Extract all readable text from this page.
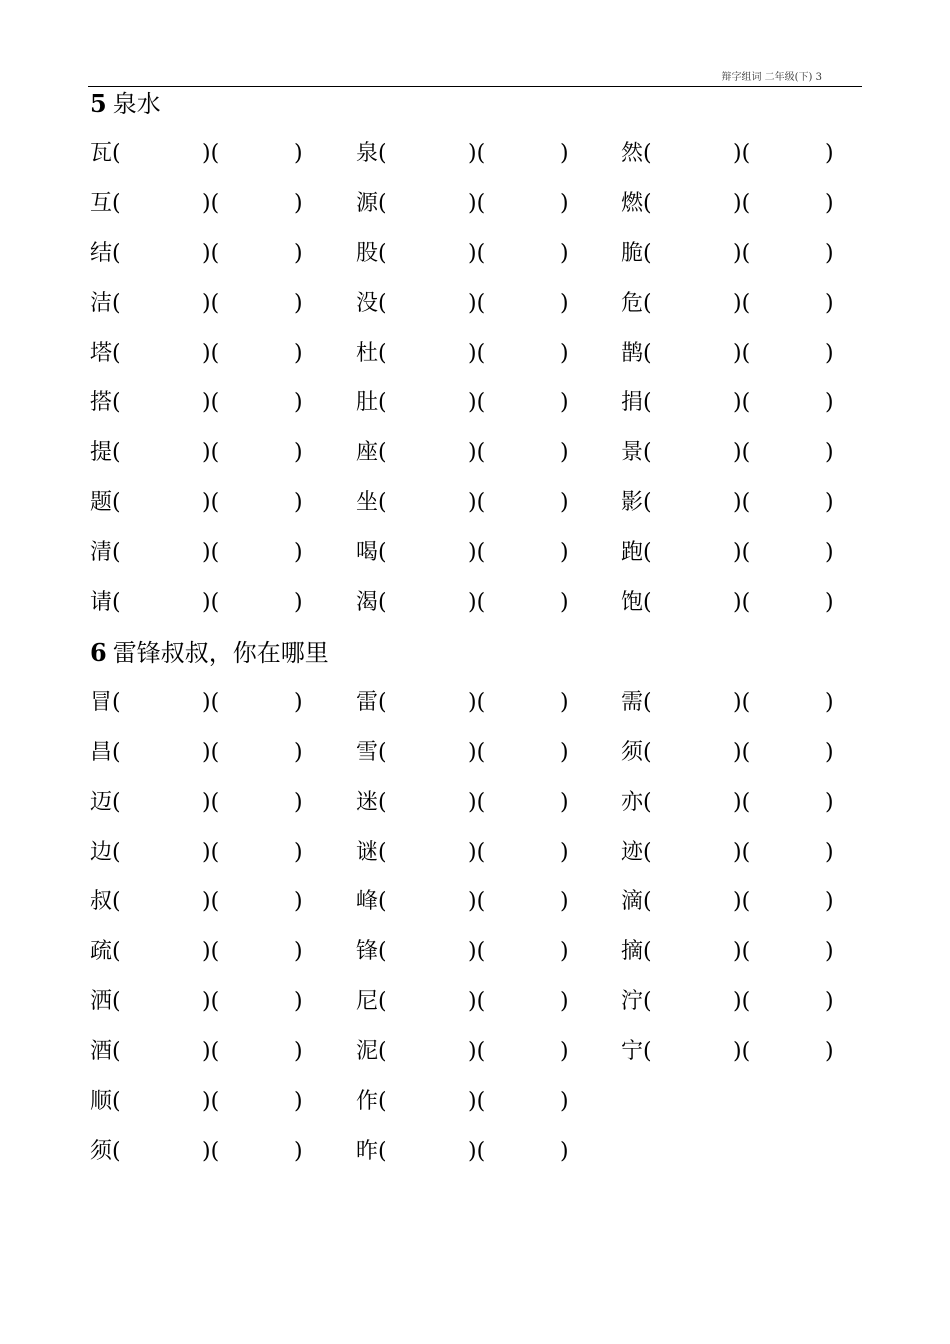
辩字组词 二年级(下) 3
5 泉水
瓦(	)(	) 泉(	)(	) 然(	)(	)
互(	)(	) 源(	)(	) 燃(	)(	)
结(	)(	) 股(	)(	) 脆(	)(	)
洁(	)(	) 没(	)(	) 危(	)(	)
塔(	)(	) 杜(	)(	) 鹊(	)(	)
搭(	)(	) 肚(	)(	) 捐(	)(	)
提(	)(	) 座(	)(	) 景(	)(	)
题(	)(	) 坐(	)(	) 影(	)(	)
清(	)(	) 喝(	)(	) 跑(	)(	)
请(	)(	) 渴(	)(	) 饱(	)(	)
6 雷锋叔叔，你在哪里
冒(	)(	) 雷(	)(	) 需(	)(	)
昌(	)(	) 雪(	)(	) 须(	)(	)
迈(	)(	) 迷(	)(	) 亦(	)(	)
边(	)(	) 谜(	)(	) 迹(	)(	)
叔(	)(	) 峰(	)(	) 滴(	)(	)
疏(	)(	) 锋(	)(	) 摘(	)(	)
洒(	)(	) 尼(	)(	) 泞(	)(	)
酒(	)(	) 泥(	)(	) 宁(	)(	)
顺(	)(	) 作(	)(	)
须(	)(	) 昨(	)(	)
